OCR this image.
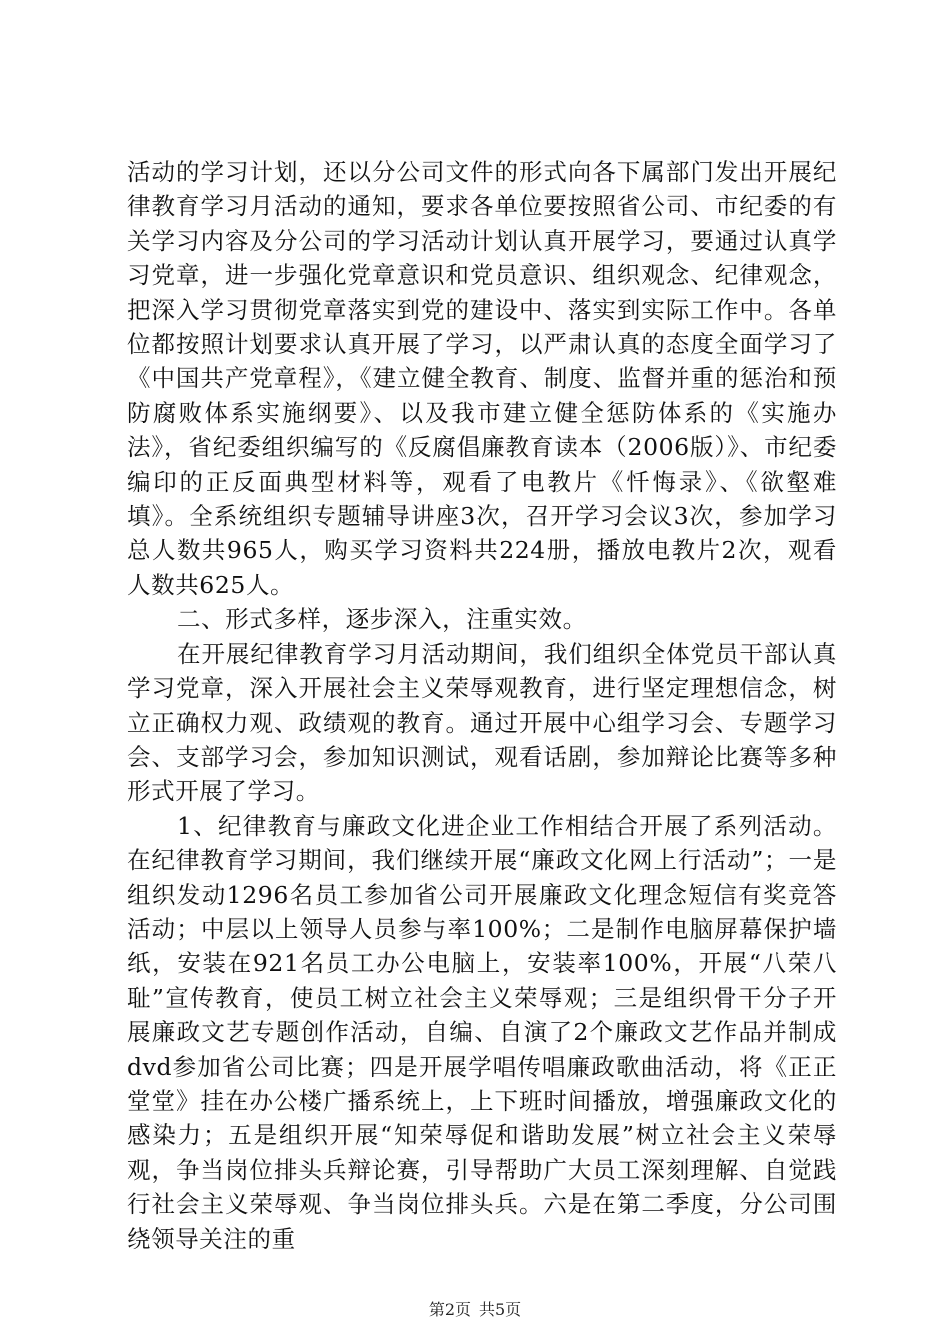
活动的学习计划，还以分公司文件的形式向各下属部门发出开展纪律教育学习月活动的通知，要求各单位要按照省公司、市纪委的有关学习内容及分公司的学习活动计划认真开展学习，要通过认真学习党章，进一步强化党章意识和党员意识、组织观念、纪律观念，把深入学习贯彻党章落实到党的建设中、落实到实际工作中。各单位都按照计划要求认真开展了学习，以严肃认真的态度全面学习了《中国共产党章程》，《建立健全教育、制度、监督并重的惩治和预防腐败体系实施纲要》、以及我市建立健全惩防体系的《实施办法》，省纪委组织编写的《反腐倡廉教育读本（2006版）》、市纪委编印的正反面典型材料等，观看了电教片《忏悔录》、《欲壑难填》。全系统组织专题辅导讲座3次，召开学习会议3次，参加学习总人数共965人，购买学习资料共224册，播放电教片2次，观看人数共625人。

二、形式多样，逐步深入，注重实效。

在开展纪律教育学习月活动期间，我们组织全体党员干部认真学习党章，深入开展社会主义荣辱观教育，进行坚定理想信念，树立正确权力观、政绩观的教育。通过开展中心组学习会、专题学习会、支部学习会，参加知识测试，观看话剧，参加辩论比赛等多种形式开展了学习。

1、纪律教育与廉政文化进企业工作相结合开展了系列活动。在纪律教育学习期间，我们继续开展“廉政文化网上行活动”；一是组织发动1296名员工参加省公司开展廉政文化理念短信有奖竞答活动；中层以上领导人员参与率100%；二是制作电脑屏幕保护墙纸，安装在921名员工办公电脑上，安装率100%，开展“八荣八耻”宣传教育，使员工树立社会主义荣辱观；三是组织骨干分子开展廉政文艺专题创作活动，自编、自演了2个廉政文艺作品并制成dvd参加省公司比赛；四是开展学唱传唱廉政歌曲活动，将《正正堂堂》挂在办公楼广播系统上，上下班时间播放，增强廉政文化的感染力；五是组织开展“知荣辱促和谐助发展”树立社会主义荣辱观，争当岗位排头兵辩论赛，引导帮助广大员工深刻理解、自觉践行社会主义荣辱观、争当岗位排头兵。六是在第二季度，分公司围绕领导关注的重

第2页 共5页
